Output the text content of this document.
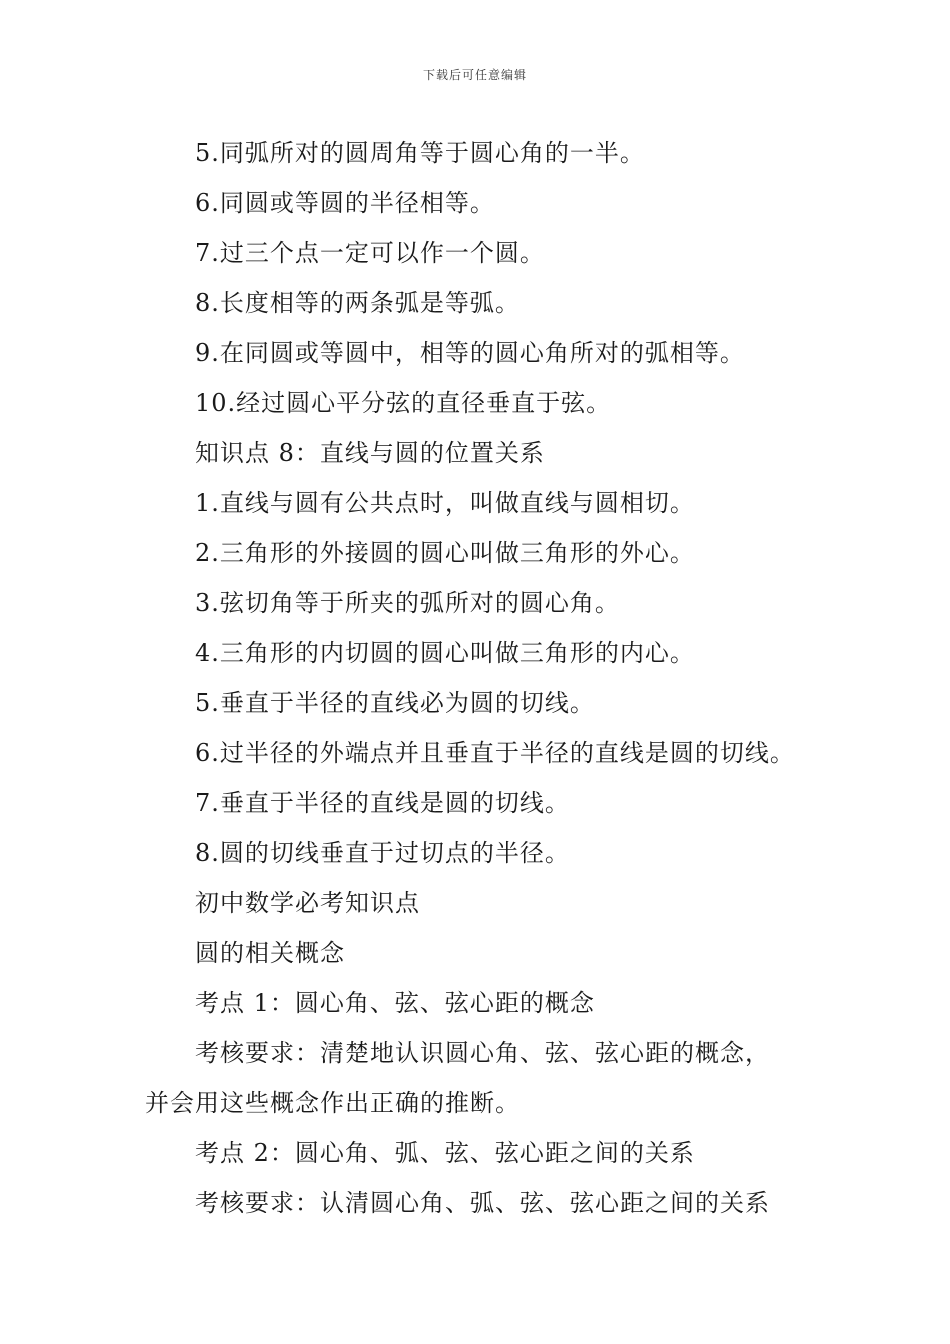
下载后可任意编辑
5.同弧所对的圆周角等于圆心角的一半。
6.同圆或等圆的半径相等。
7.过三个点一定可以作一个圆。
8.长度相等的两条弧是等弧。
9.在同圆或等圆中，相等的圆心角所对的弧相等。
10.经过圆心平分弦的直径垂直于弦。
知识点 8：直线与圆的位置关系
1.直线与圆有公共点时，叫做直线与圆相切。
2.三角形的外接圆的圆心叫做三角形的外心。
3.弦切角等于所夹的弧所对的圆心角。
4.三角形的内切圆的圆心叫做三角形的内心。
5.垂直于半径的直线必为圆的切线。
6.过半径的外端点并且垂直于半径的直线是圆的切线。
7.垂直于半径的直线是圆的切线。
8.圆的切线垂直于过切点的半径。
初中数学必考知识点
圆的相关概念
考点 1：圆心角、弦、弦心距的概念
考核要求：清楚地认识圆心角、弦、弦心距的概念，
并会用这些概念作出正确的推断。
考点 2：圆心角、弧、弦、弦心距之间的关系
考核要求：认清圆心角、弧、弦、弦心距之间的关系
